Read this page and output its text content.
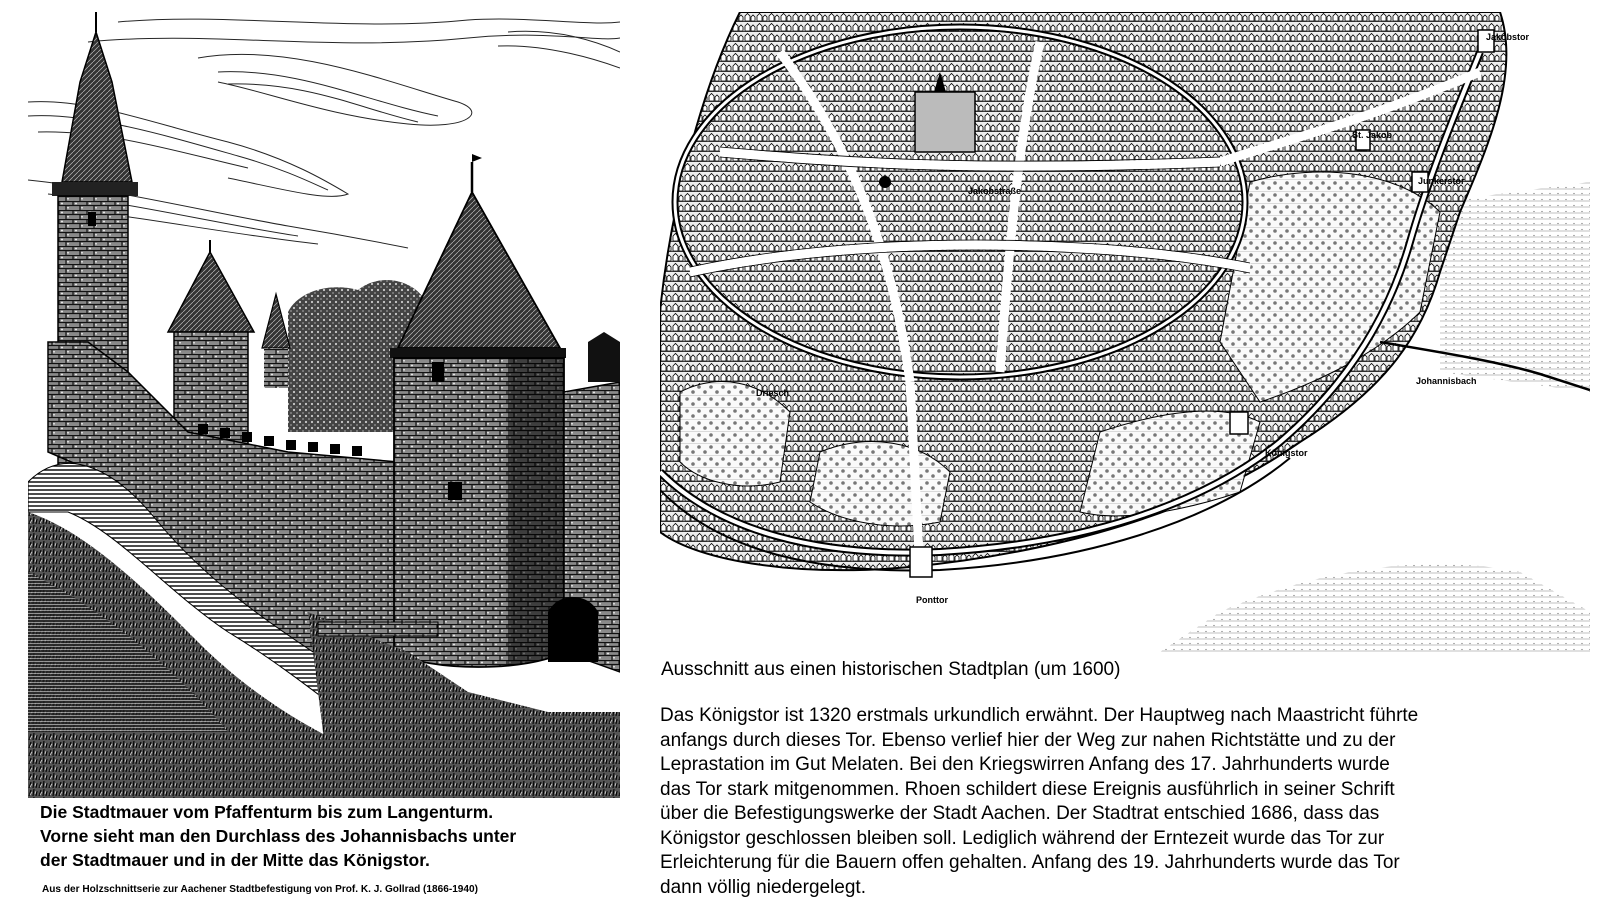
Die Stadtmauer vom Pfaffenturm bis zum Langenturm.
Vorne sieht man den Durchlass des Johannisbachs unter
der Stadtmauer und in der Mitte das Königstor.
Aus der Holzschnittserie zur Aachener Stadtbefestigung von Prof. K. J. Gollrad (1866-1940)
Jakobstor
St. Jakob
Junkerstor
Jakobstraße
Johannisbach
Driesch
Königstor
Ponttor
Ausschnitt aus einen historischen Stadtplan (um 1600)
Das Königstor ist 1320 erstmals urkundlich erwähnt. Der Hauptweg nach Maastricht führte
anfangs durch dieses Tor. Ebenso verlief hier der Weg zur nahen Richtstätte und zu der
Leprastation im Gut Melaten. Bei den Kriegswirren Anfang des 17. Jahrhunderts wurde
das Tor stark mitgenommen. Rhoen schildert diese Ereignis ausführlich in seiner Schrift
über die Befestigungswerke der Stadt Aachen. Der Stadtrat entschied 1686, dass das
Königstor geschlossen bleiben soll. Lediglich während der Erntezeit wurde das Tor zur
Erleichterung für die Bauern offen gehalten. Anfang des 19. Jahrhunderts wurde das Tor
dann völlig niedergelegt.
